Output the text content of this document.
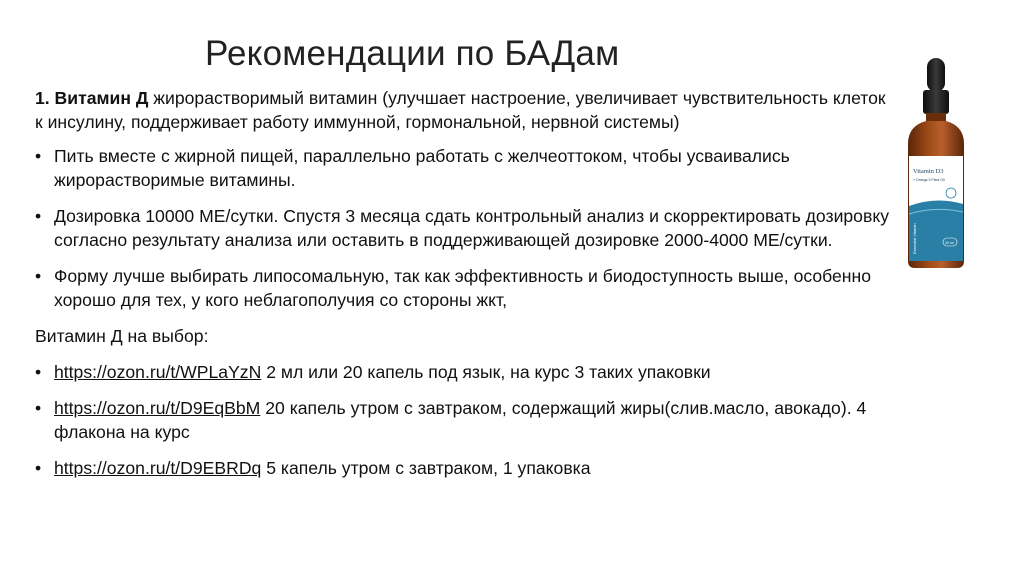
Рекомендации по БАДам

1. Витамин Д жирорастворимый витамин (улучшает настроение, увеличивает чувствительность клеток к инсулину, поддерживает работу иммунной, гормональной, нервной системы)

• Пить вместе с жирной пищей, параллельно работать с желчеоттоком, чтобы усваивались жирорастворимые витамины.
• Дозировка 10000 МЕ/сутки. Спустя 3 месяца сдать контрольный анализ и скорректировать дозировку согласно результату анализа или оставить в поддерживающей дозировке 2000-4000 МЕ/сутки.
• Форму лучше выбирать липосомальную, так как эффективность и биодоступность выше, особенно хорошо для тех, у кого неблагополучия со стороны жкт,

Витамин Д на выбор:

• https://ozon.ru/t/WPLaYzN 2 мл или 20 капель под язык, на курс 3 таких упаковки
• https://ozon.ru/t/D9EqBbM 20 капель утром с завтраком, содержащий жиры(слив.масло, авокадо). 4 флакона на курс
• https://ozon.ru/t/D9EBRDq 5 капель утром с завтраком, 1 упаковка
Vitamin D3
+ Omega 3 Plant Oil
Essential Vitamin	30 ml
